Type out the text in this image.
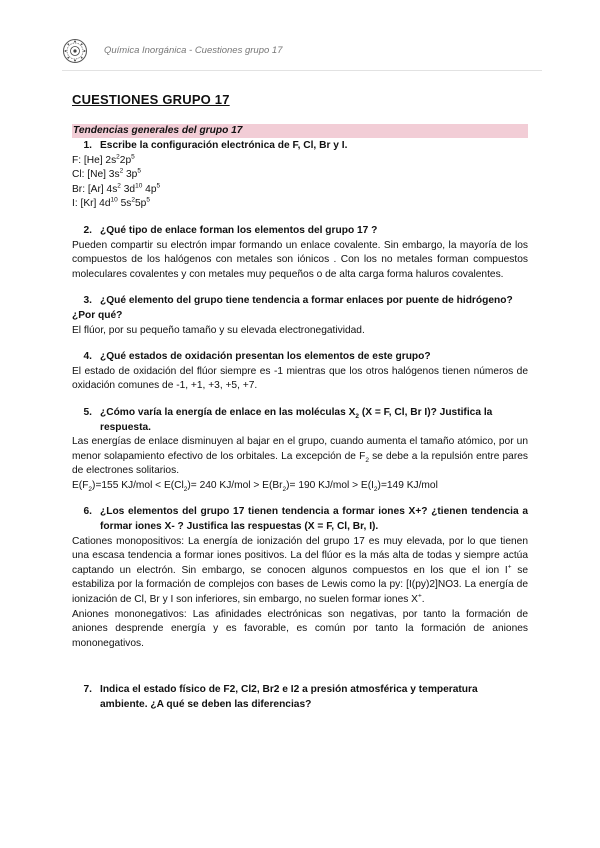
Química Inorgánica - Cuestiones grupo 17
CUESTIONES GRUPO 17
Tendencias generales del grupo 17
1. Escribe la configuración electrónica de F, Cl, Br y I.
F: [He] $2s^22p^5$
Cl: [Ne] $3s^2$ $3p^5$
Br: [Ar] $4s^2$ $3d^{10}$ $4p^5$
I: [Kr] $4d^{10}$ $5s^25p^5$
2. ¿Qué tipo de enlace forman los elementos del grupo 17 ?
Pueden compartir su electrón impar formando un enlace covalente. Sin embargo, la mayoría de los compuestos de los halógenos con metales son iónicos . Con los no metales forman compuestos moleculares covalentes y con metales muy pequeños o de alta carga forma haluros covalentes.
3. ¿Qué elemento del grupo tiene tendencia a formar enlaces por puente de hidrógeno? ¿Por qué?
El flúor, por su pequeño tamaño y su elevada electronegatividad.
4. ¿Qué estados de oxidación presentan los elementos de este grupo?
El estado de oxidación del flúor siempre es -1 mientras que los otros halógenos tienen números de oxidación comunes de -1, +1, +3, +5, +7.
5. ¿Cómo varía la energía de enlace en las moléculas $X_2$ (X = F, Cl, Br I)? Justifica la respuesta.
Las energías de enlace disminuyen al bajar en el grupo, cuando aumenta el tamaño atómico, por un menor solapamiento efectivo de los orbitales. La excepción de $F_2$ se debe a la repulsión entre pares de electrones solitarios.
$E(F_2)=155$ $KJ/mol < E(Cl_2)= 240$ $KJ/mol > E(Br_2)= 190$ $KJ/mol > E(I_2)=149$ KJ/mol
6. ¿Los elementos del grupo 17 tienen tendencia a formar iones X+? ¿tienen tendencia a formar iones X- ? Justifica las respuestas (X = F, Cl, Br, I).
Cationes monopositivos: La energía de ionización del grupo 17 es muy elevada, por lo que tienen una escasa tendencia a formar iones positivos. La del flúor es la más alta de todas y siempre actúa captando un electrón. Sin embargo, se conocen algunos compuestos en los que el ion I+ se estabiliza por la formación de complejos con bases de Lewis como la py: [I(py)2]NO3. La energía de ionización de Cl, Br y I son inferiores, sin embargo, no suelen formar iones X+.
Aniones mononegativos: Las afinidades electrónicas son negativas, por tanto la formación de aniones desprende energía y es favorable, es común por tanto la formación de aniones mononegativos.
7. Indica el estado físico de F2, Cl2, Br2 e I2 a presión atmosférica y temperatura ambiente. ¿A qué se deben las diferencias?
